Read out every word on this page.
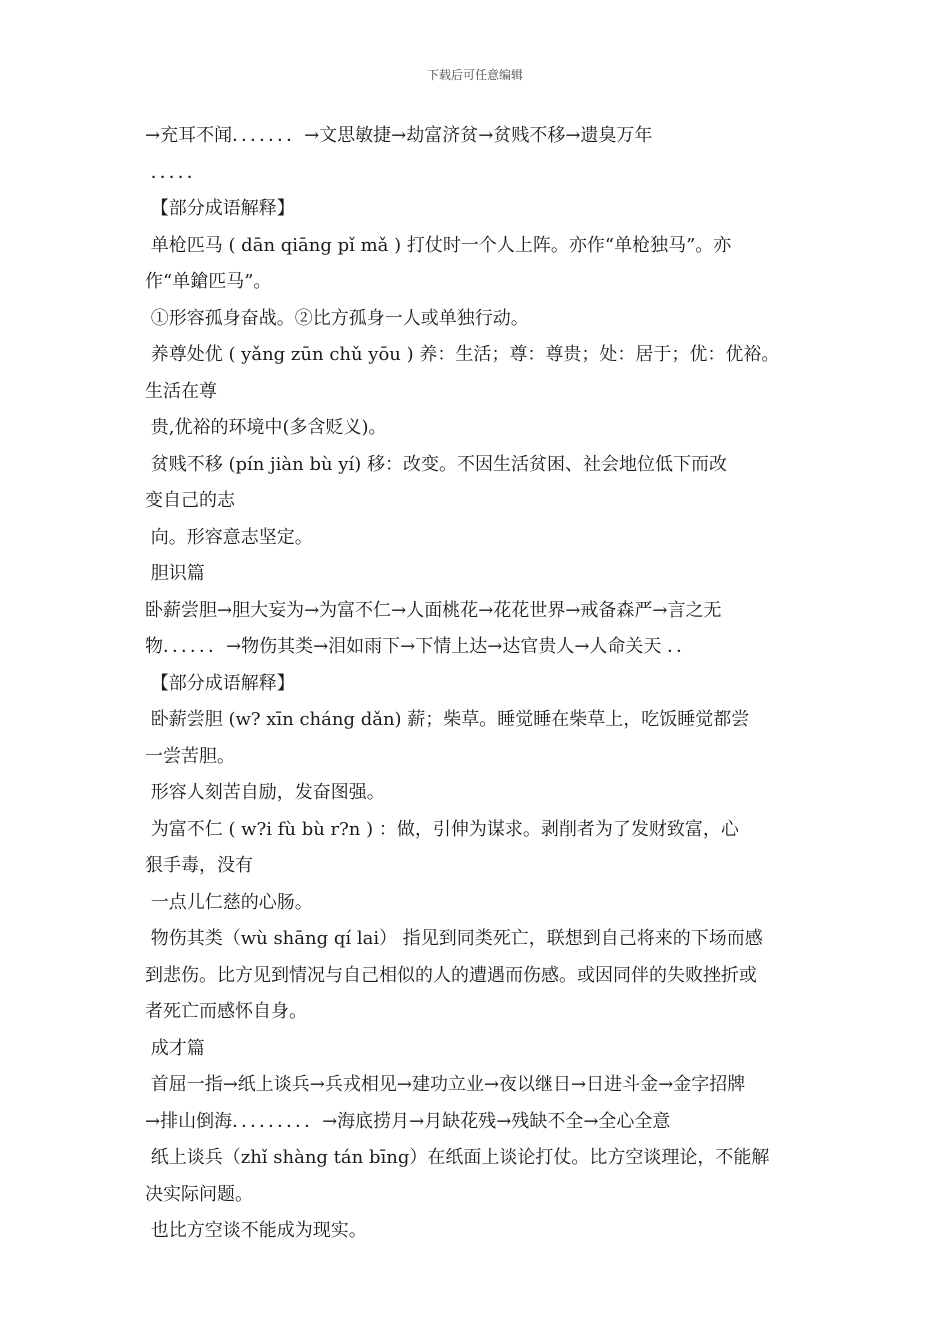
下载后可任意编辑
→充耳不闻．．．．．．．→文思敏捷→劫富济贫→贫贱不移→遗臭万年
．．．．．
【部分成语解释】
单枪匹马 ( dān qiāng pǐ mǎ ) 打仗时一个人上阵。亦作“单枪独马”。亦
作“单鎗匹马”。
①形容孤身奋战。②比方孤身一人或单独行动。
养尊处优 ( yǎng zūn chǔ yōu ) 养：生活；尊：尊贵；处：居于；优：优裕。
生活在尊
贵,优裕的环境中(多含贬义)。
贫贱不移 (pín jiàn bù yí) 移：改变。不因生活贫困、社会地位低下而改
变自己的志
向。形容意志坚定。
胆识篇
卧薪尝胆→胆大妄为→为富不仁→人面桃花→花花世界→戒备森严→言之无
物．．．．．．→物伤其类→泪如雨下→下情上达→达官贵人→人命关天 ．．
【部分成语解释】
卧薪尝胆 (w? xīn cháng dǎn) 薪；柴草。睡觉睡在柴草上，吃饭睡觉都尝
一尝苦胆。
形容人刻苦自励，发奋图强。
为富不仁 ( w?i fù bù r?n ) ：做，引伸为谋求。剥削者为了发财致富，心
狠手毒，没有
一点儿仁慈的心肠。
物伤其类（wù shāng qí lai） 指见到同类死亡，联想到自己将来的下场而感
到悲伤。比方见到情况与自己相似的人的遭遇而伤感。或因同伴的失败挫折或
者死亡而感怀自身。
成才篇
首屈一指→纸上谈兵→兵戎相见→建功立业→夜以继日→日进斗金→金字招牌
→排山倒海．．．．．．．．．→海底捞月→月缺花残→残缺不全→全心全意
纸上谈兵（zhǐ shàng tán bīng）在纸面上谈论打仗。比方空谈理论，不能解
决实际问题。
也比方空谈不能成为现实。
